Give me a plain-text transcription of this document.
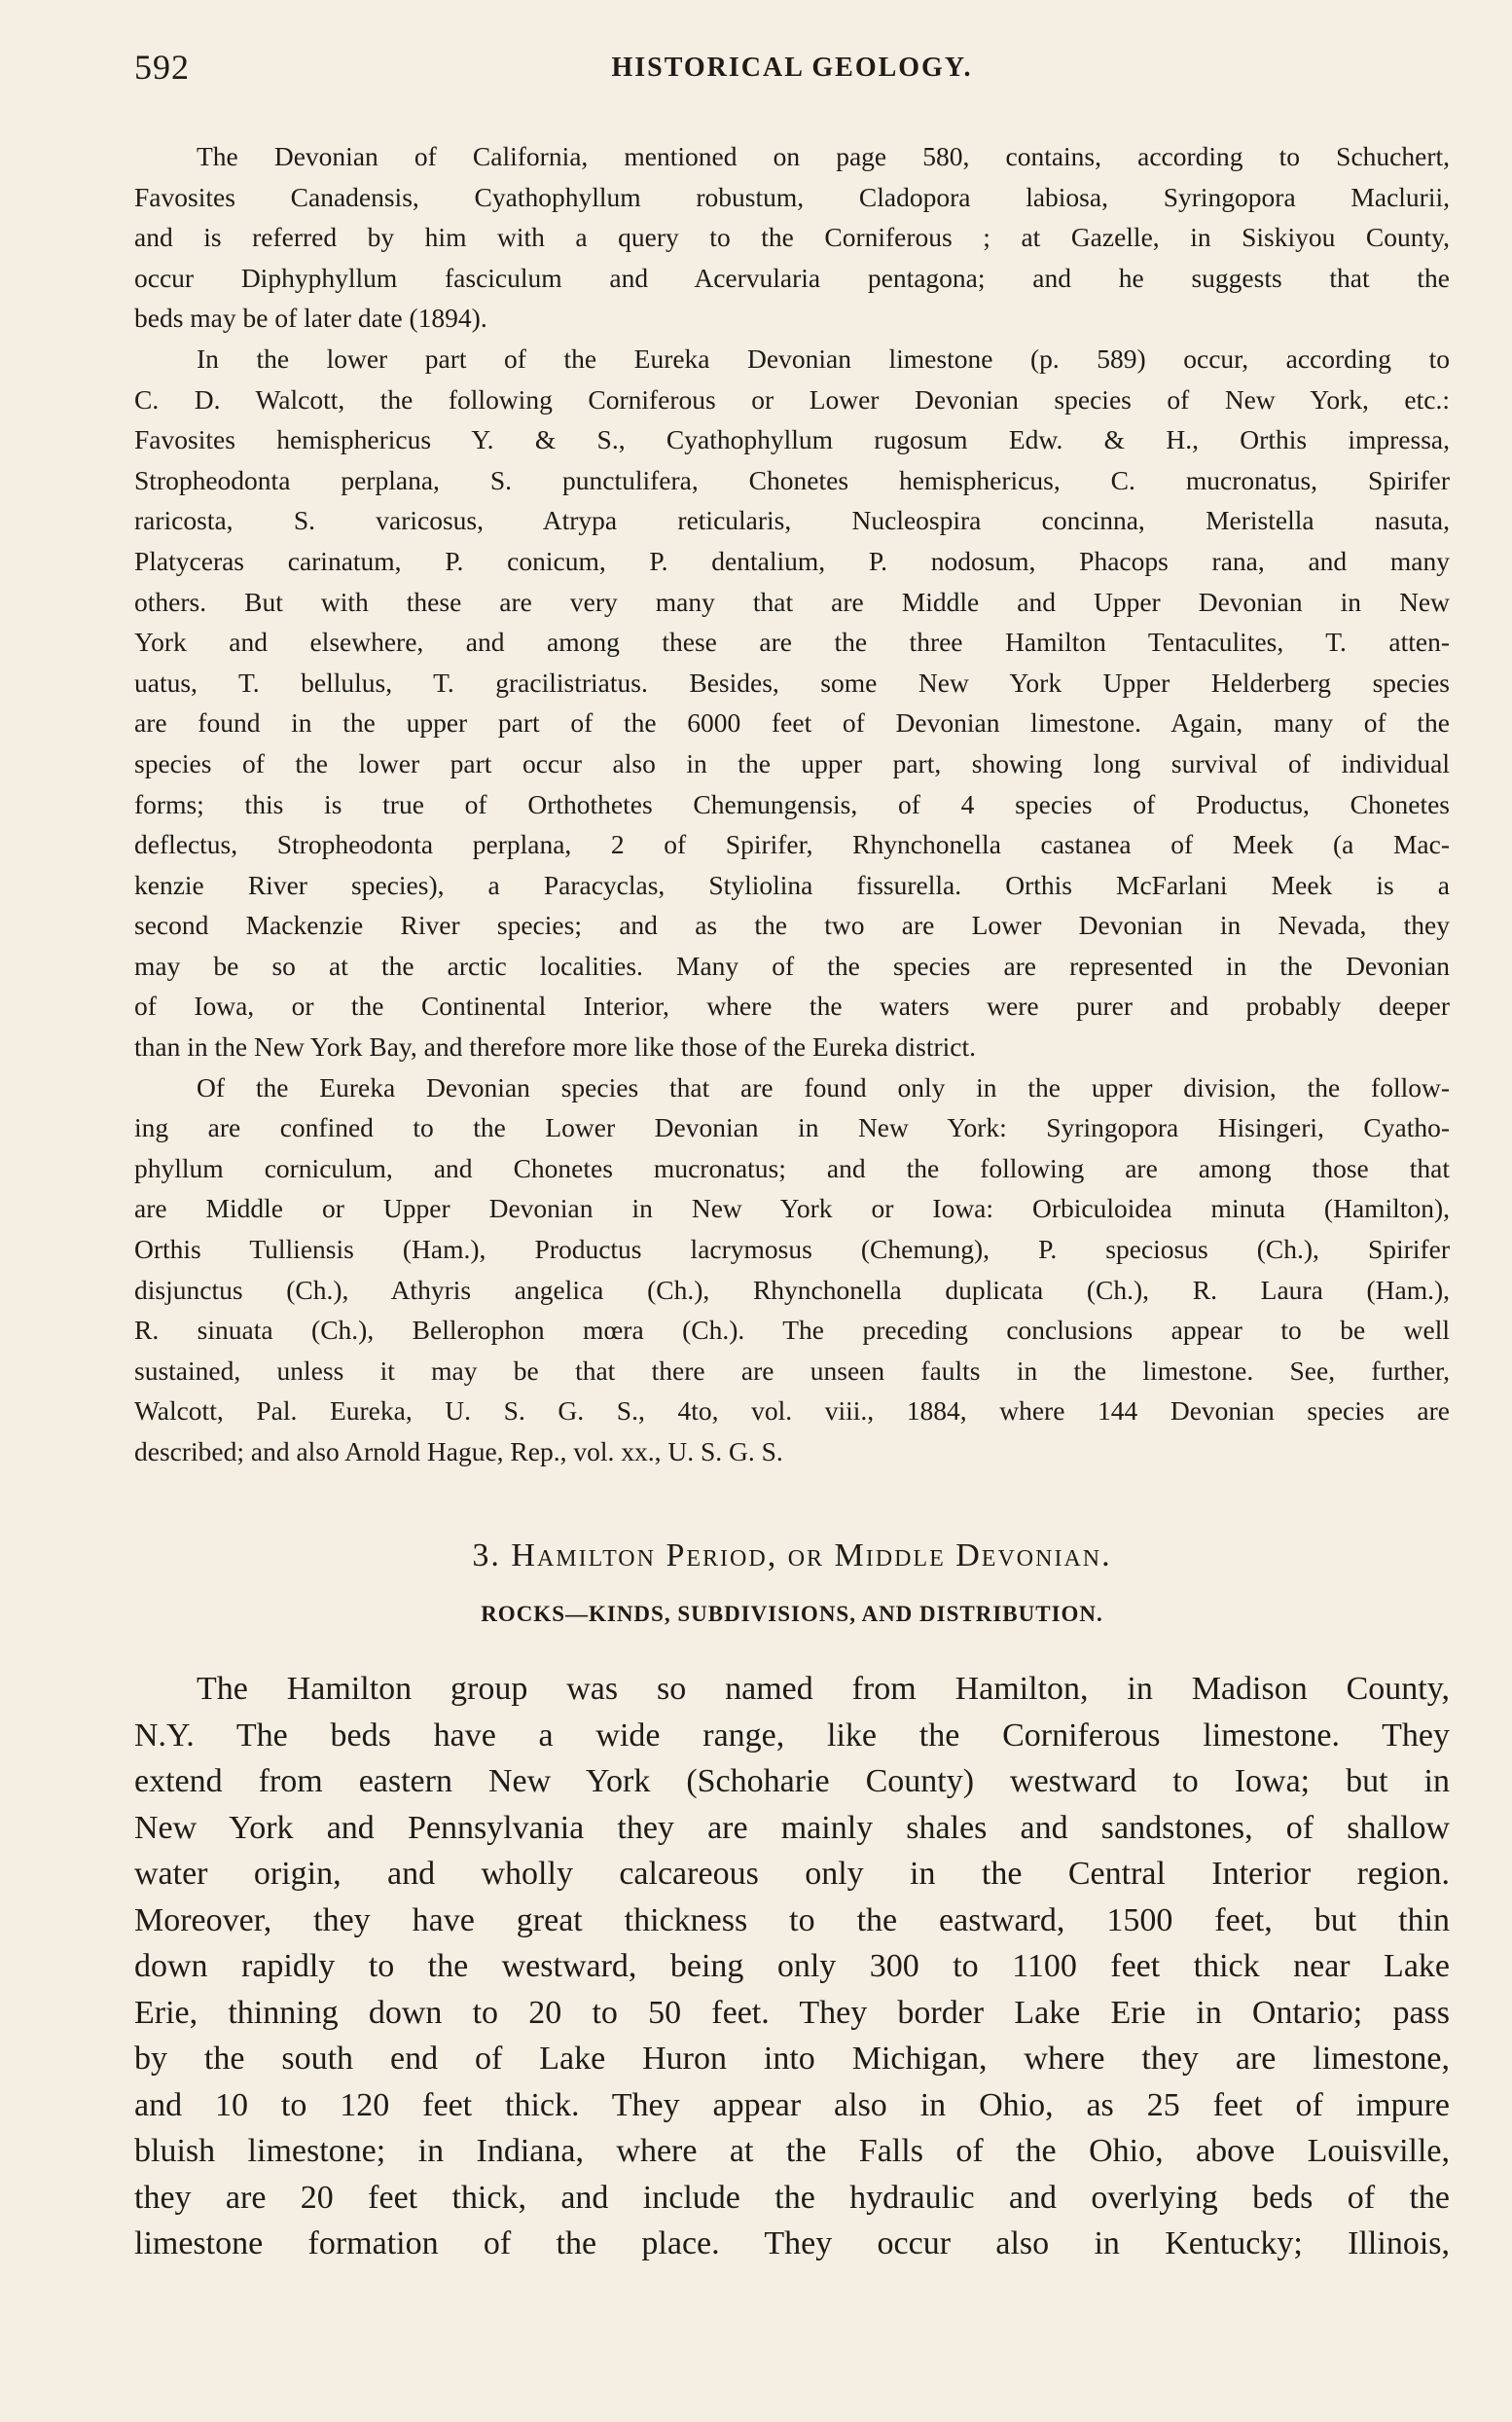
592	HISTORICAL GEOLOGY.
The Devonian of California, mentioned on page 580, contains, according to Schuchert,
Favosites Canadensis, Cyathophyllum robustum, Cladopora labiosa, Syringopora Maclurii,
and is referred by him with a query to the Corniferous ; at Gazelle, in Siskiyou County,
occur Diphyphyllum fasciculum and Acervularia pentagona; and he suggests that the
beds may be of later date (1894).
In the lower part of the Eureka Devonian limestone (p. 589) occur, according to
C. D. Walcott, the following Corniferous or Lower Devonian species of New York, etc.:
Favosites hemisphericus Y. & S., Cyathophyllum rugosum Edw. & H., Orthis impressa,
Stropheodonta perplana, S. punctulifera, Chonetes hemisphericus, C. mucronatus, Spirifer
raricosta, S. varicosus, Atrypa reticularis, Nucleospira concinna, Meristella nasuta,
Platyceras carinatum, P. conicum, P. dentalium, P. nodosum, Phacops rana, and many
others. But with these are very many that are Middle and Upper Devonian in New
York and elsewhere, and among these are the three Hamilton Tentaculites, T. atten-
uatus, T. bellulus, T. gracilistriatus. Besides, some New York Upper Helderberg species
are found in the upper part of the 6000 feet of Devonian limestone. Again, many of the
species of the lower part occur also in the upper part, showing long survival of individual
forms; this is true of Orthothetes Chemungensis, of 4 species of Productus, Chonetes
deflectus, Stropheodonta perplana, 2 of Spirifer, Rhynchonella castanea of Meek (a Mac-
kenzie River species), a Paracyclas, Styliolina fissurella. Orthis McFarlani Meek is a
second Mackenzie River species; and as the two are Lower Devonian in Nevada, they
may be so at the arctic localities. Many of the species are represented in the Devonian
of Iowa, or the Continental Interior, where the waters were purer and probably deeper
than in the New York Bay, and therefore more like those of the Eureka district.
Of the Eureka Devonian species that are found only in the upper division, the follow-
ing are confined to the Lower Devonian in New York: Syringopora Hisingeri, Cyatho-
phyllum corniculum, and Chonetes mucronatus; and the following are among those that
are Middle or Upper Devonian in New York or Iowa: Orbiculoidea minuta (Hamilton),
Orthis Tulliensis (Ham.), Productus lacrymosus (Chemung), P. speciosus (Ch.), Spirifer
disjunctus (Ch.), Athyris angelica (Ch.), Rhynchonella duplicata (Ch.), R. Laura (Ham.),
R. sinuata (Ch.), Bellerophon mœra (Ch.). The preceding conclusions appear to be well
sustained, unless it may be that there are unseen faults in the limestone. See, further,
Walcott, Pal. Eureka, U. S. G. S., 4to, vol. viii., 1884, where 144 Devonian species are
described; and also Arnold Hague, Rep., vol. xx., U. S. G. S.
3. Hamilton Period, or Middle Devonian.
ROCKS—KINDS, SUBDIVISIONS, AND DISTRIBUTION.
The Hamilton group was so named from Hamilton, in Madison County,
N.Y. The beds have a wide range, like the Corniferous limestone. They
extend from eastern New York (Schoharie County) westward to Iowa; but in
New York and Pennsylvania they are mainly shales and sandstones, of shallow
water origin, and wholly calcareous only in the Central Interior region.
Moreover, they have great thickness to the eastward, 1500 feet, but thin
down rapidly to the westward, being only 300 to 1100 feet thick near Lake
Erie, thinning down to 20 to 50 feet. They border Lake Erie in Ontario; pass
by the south end of Lake Huron into Michigan, where they are limestone,
and 10 to 120 feet thick. They appear also in Ohio, as 25 feet of impure
bluish limestone; in Indiana, where at the Falls of the Ohio, above Louisville,
they are 20 feet thick, and include the hydraulic and overlying beds of the
limestone formation of the place. They occur also in Kentucky; Illinois,
